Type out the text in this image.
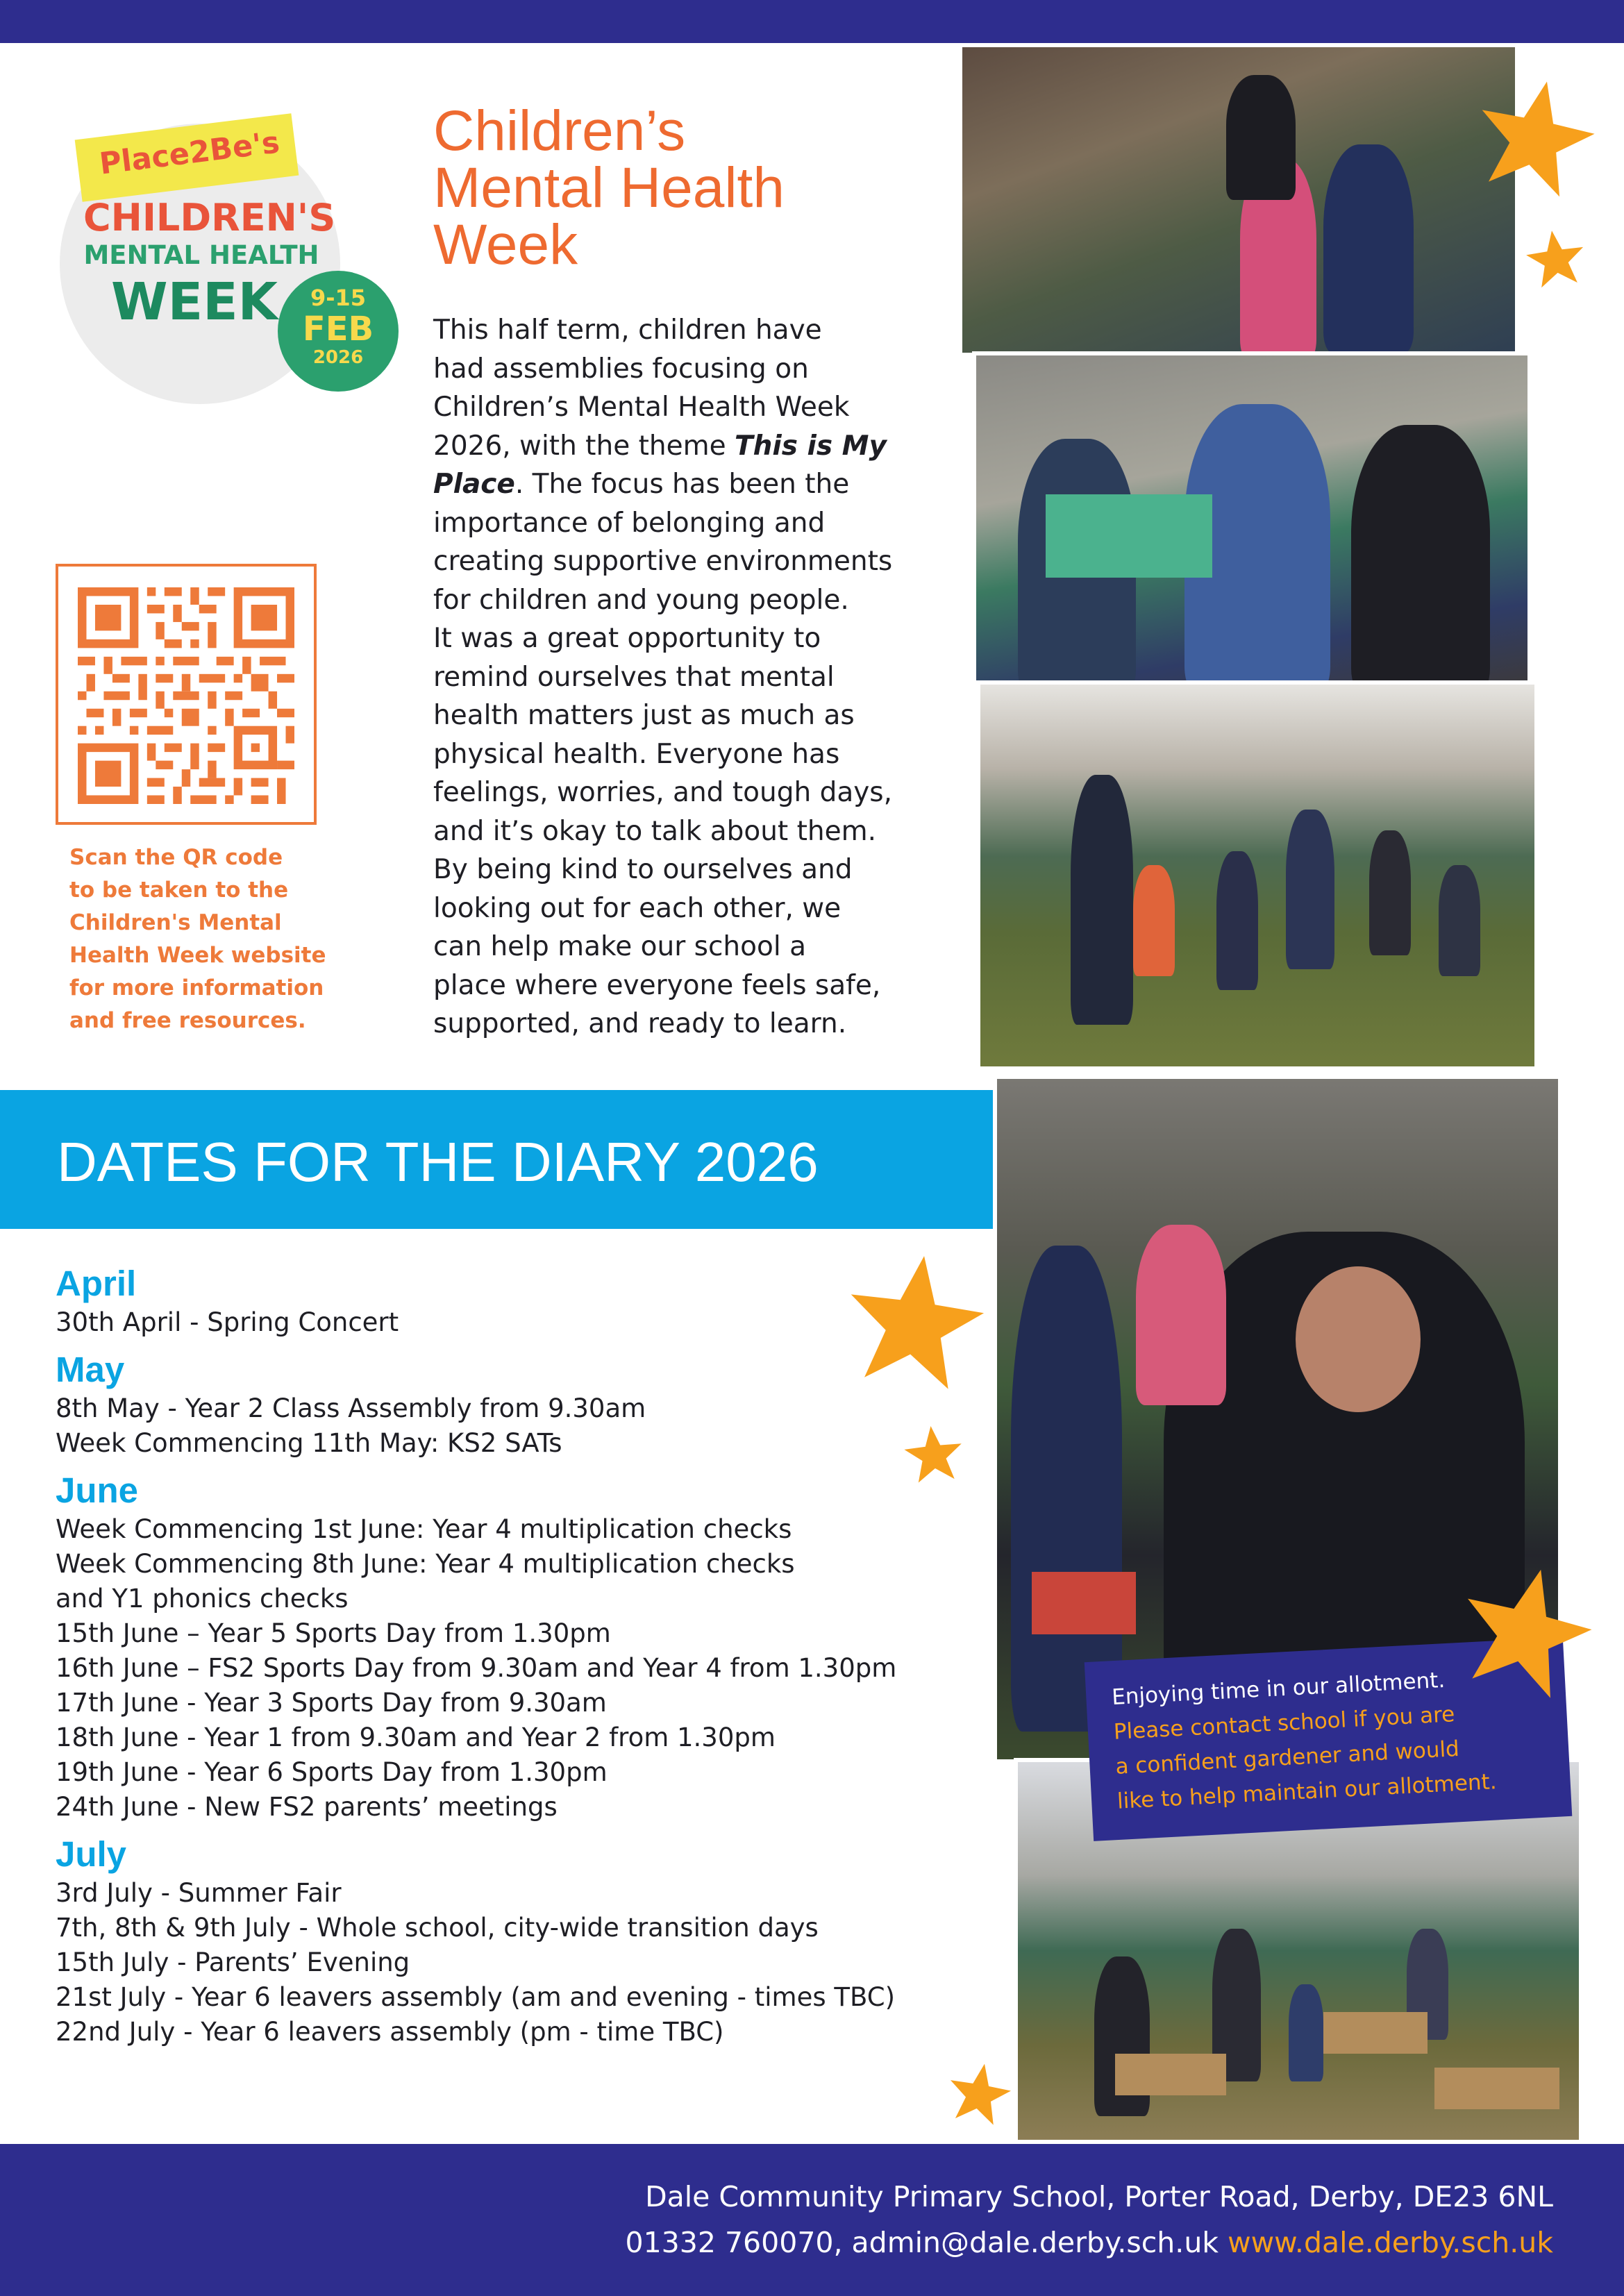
Place2Be's
CHILDREN'S
MENTAL HEALTH
WEEK	9-15
FEB
2026
Scan the QR code
to be taken to the
Children's Mental
Health Week website
for more information
and free resources.
Children’s
Mental Health
Week
This half term, children have
had assemblies focusing on
Children’s Mental Health Week
2026, with the theme This is My
Place. The focus has been the
importance of belonging and
creating supportive environments
for children and young people.
It was a great opportunity to
remind ourselves that mental
health matters just as much as
physical health. Everyone has
feelings, worries, and tough days,
and it’s okay to talk about them.
By being kind to ourselves and
looking out for each other, we
can help make our school a
place where everyone feels safe,
supported, and ready to learn.
Enjoying time in our allotment.
Please contact school if you are
a confident gardener and would
like to help maintain our allotment.
DATES FOR THE DIARY 2026
April
30th April - Spring Concert
May
8th May - Year 2 Class Assembly from 9.30am
Week Commencing 11th May: KS2 SATs
June
Week Commencing 1st June: Year 4 multiplication checks
Week Commencing 8th June: Year 4 multiplication checks
and Y1 phonics checks
15th June – Year 5 Sports Day from 1.30pm
16th June – FS2 Sports Day from 9.30am and Year 4 from 1.30pm
17th June - Year 3 Sports Day from 9.30am
18th June - Year 1 from 9.30am and Year 2 from 1.30pm
19th June - Year 6 Sports Day from 1.30pm
24th June - New FS2 parents’ meetings
July
3rd July - Summer Fair
7th, 8th & 9th July - Whole school, city-wide transition days
15th July - Parents’ Evening
21st July - Year 6 leavers assembly (am and evening - times TBC)
22nd July - Year 6 leavers assembly (pm - time TBC)
Dale Community Primary School, Porter Road, Derby, DE23 6NL
01332 760070, admin@dale.derby.sch.uk www.dale.derby.sch.uk
